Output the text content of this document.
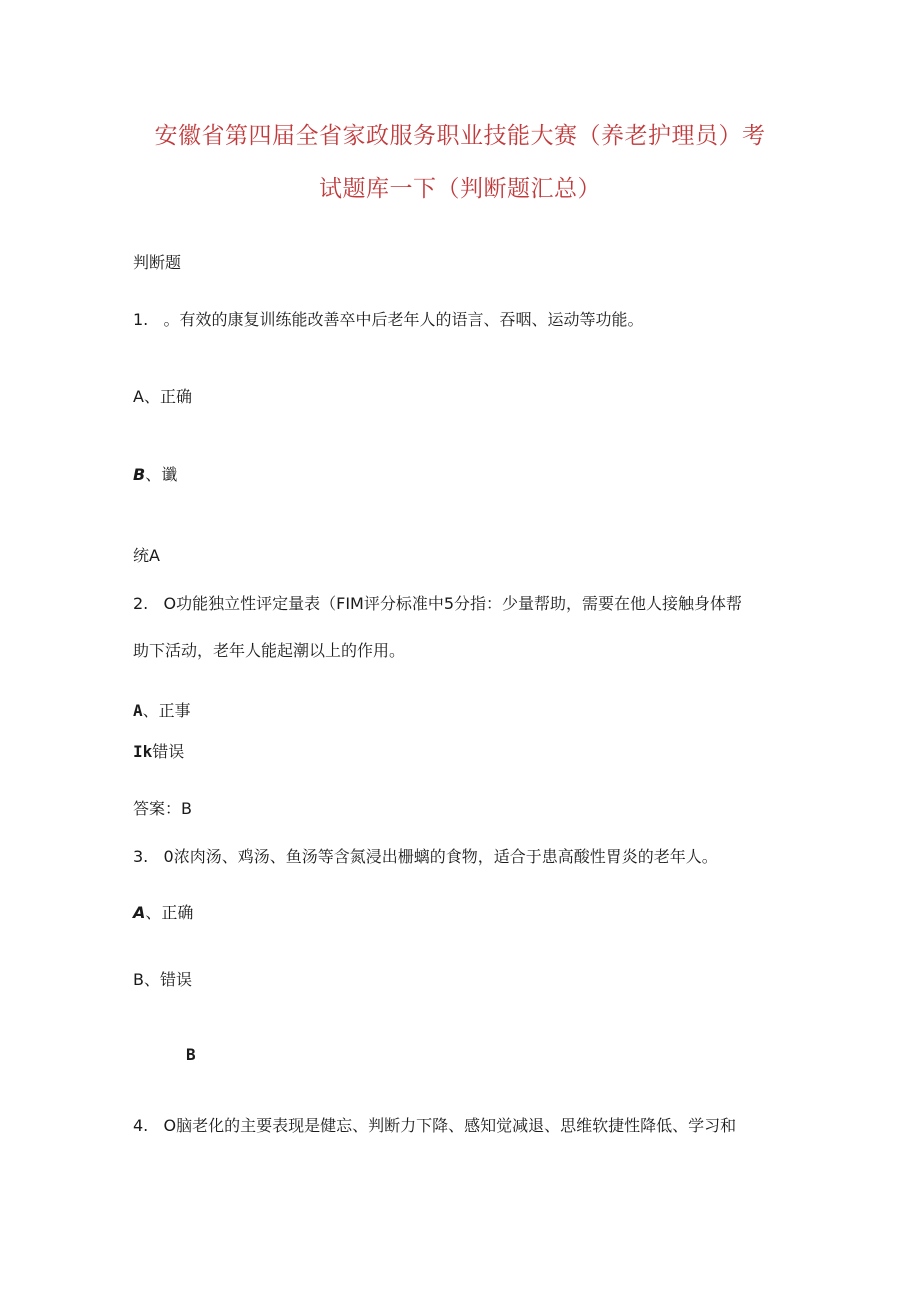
安徽省第四届全省家政服务职业技能大赛（养老护理员）考
试题库一下（判断题汇总）
判断题
1. 。有效的康复训练能改善卒中后老年人的语言、吞咽、运动等功能。
A、正确
B、谶
统A
2. O功能独立性评定量表（FIM评分标准中5分指：少量帮助，需要在他人接触身体帮
助下活动，老年人能起潮以上的作用。
A、正事
Ik错误
答案：B
3. 0浓肉汤、鸡汤、鱼汤等含氮浸出栅螭的食物，适合于患高酸性胃炎的老年人。
A、正确
B、错误
B
4. O脑老化的主要表现是健忘、判断力下降、感知觉减退、思维软捷性降低、学习和
